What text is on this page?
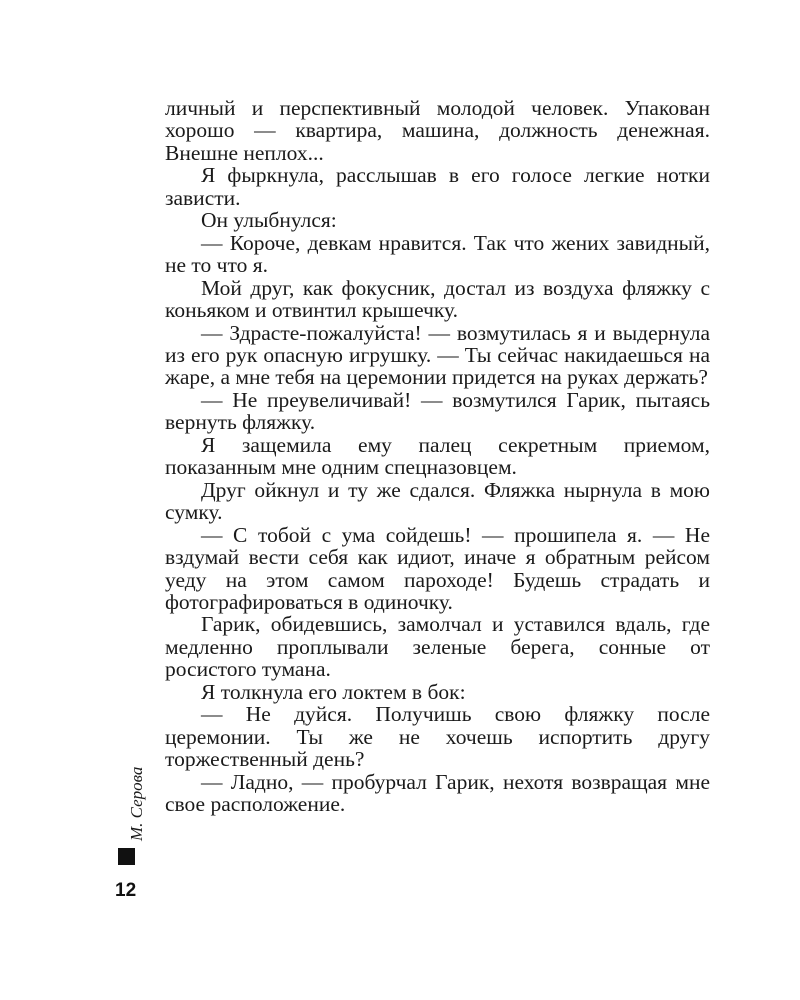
личный и перспективный молодой человек. Упакован хорошо — квартира, машина, должность денежная. Внешне неплох...

Я фыркнула, расслышав в его голосе легкие нотки зависти.

Он улыбнулся:

— Короче, девкам нравится. Так что жених завидный, не то что я.

Мой друг, как фокусник, достал из воздуха фляжку с коньяком и отвинтил крышечку.

— Здрасте-пожалуйста! — возмутилась я и выдернула из его рук опасную игрушку. — Ты сейчас накидаешься на жаре, а мне тебя на церемонии придется на руках держать?

— Не преувеличивай! — возмутился Гарик, пытаясь вернуть фляжку.

Я защемила ему палец секретным приемом, показанным мне одним спецназовцем.

Друг ойкнул и ту же сдался. Фляжка нырнула в мою сумку.

— С тобой с ума сойдешь! — прошипела я. — Не вздумай вести себя как идиот, иначе я обратным рейсом уеду на этом самом пароходе! Будешь страдать и фотографироваться в одиночку.

Гарик, обидевшись, замолчал и уставился вдаль, где медленно проплывали зеленые берега, сонные от росистого тумана.

Я толкнула его локтем в бок:

— Не дуйся. Получишь свою фляжку после церемонии. Ты же не хочешь испортить другу торжественный день?

— Ладно, — пробурчал Гарик, нехотя возвращая мне свое расположение.

М. Серова
12
